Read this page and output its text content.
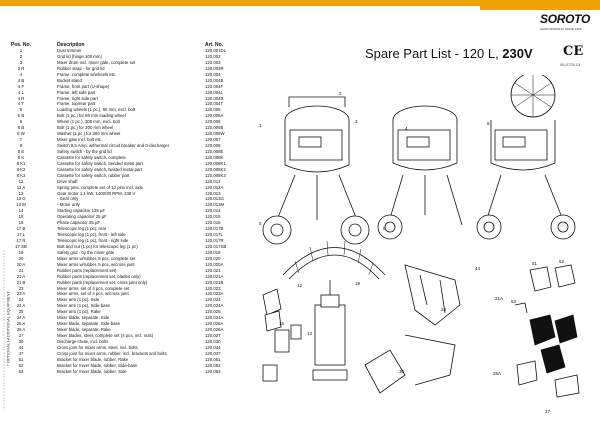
SOROTO
HAND WORKING SINCE 1956
Spare Part List - 120 L, 230V CE
08-0725.13
Pos. No.	Description	Art. No.
1	Dust trimmer	120.001DL
2	Grid lid (hinge 100 mm)	120.002
3	Mixer drum incl. mixer gate, complete set	120.003
3 R	Rubber strap - for grid lid	120.003R
4	Frame, complete w/wheels etc.	120.004
4 B	Bucket stand	120.004B
4 F	Frame, front part (U-shape)	120.004F
4 L	Frame, left side part	120.004L
4 R	Frame, right side part	120.004R
4 T	Frame, top/rear part	120.004T
5	Loading wheels (1 pc.), 80 mm, excl. bolt	120.005
5 B	Bolt (1 pc.) for 80 mm loading wheel	120.005A
6	Wheel (1 pc.), 300 mm, excl. bolt	120.006
6 B	Bolt (1 pc.) for 300 mm wheel	120.006B
6 W	Washer (1 pc.) for 300 mm wheel	120.006W
7	Mixer gate incl. bolt etc.	120.007
8	Switch 9,5 Amp. w/thermal circuit breaker and 0-discharger	120.008
8 E	Safety switch - by the grid lid	120.008E
8 K	Cassette for safety switch, complete	120.008K
8 K1	Cassette for safety switch, bended metal part	120.008K1
8 K2	Cassette for safety switch, twisted metal part	120.008K2
8 K3	Cassette for safety switch, rubber part	120.008K3
12	Drive shaft	120.012
12 A	Spring pins, complete set of 12 pins incl. axle	120.012A
13	Gear motor 1,1 kW, 1400/30 RPM, 230 V	120.013
13 G	- Gear only	120.013G
13 M	- Motor only	120.013M
14	Starting capacitor 125 µF	120.014
15	Operating capacitor 25 µF	120.015
16	Phase capacitor 25 µF	120.016
17 B	Telescopic leg (1 pc), rear	120.017B
17 L	Telescopic leg (1 pc), front - left side	120.017L
17 R	Telescopic leg (1 pc), front - right side	120.017R
17 SB	Bolt and nut (1 pc) for telescopic leg (1 pc)	120.017SB
19	Safety grid - by the mixer gate	120.019
20	Mixer arms w/rubber, 5 pcs, complete set	120.020
20 A	Mixer arms w/rubber, 5 pcs, w/cross joint	120.020A
21	Rubber parts (replacement set)	120.021
21 A	Rubber parts (replacement set, blades only)	120.021A
21 B	Rubber parts (replacement set, cross joint only)	120.021B
23	Mixer arms, set of 4 pcs, complete set	120.023
23 A	Mixer arms, set of 4 pcs, w/cross joint	120.023A
24	Mixer arm (1 pc), Side	120.024
24 A	Mixer arm (1 pc), Side-base	120.024A
25	Mixer arm (1 pc), Rake	120.025
24 A	Mixer blade, separate, Side	120.024A
25 A	Mixer blade, separate, Side-base	120.025A
26 A	Mixer blade, separate, Rake	120.026A
27	Mixer blades, steel, complete set (4 pcs, incl. nuts)	120.027
30	Discharge chute, incl. bolts	120.030
44	Cross joint for mixer arms, steel, incl. bolts	120.044
47	Cross joint for mixer arms, rubber, incl. brackets and bolts	120.047
51	Bracket for mixer blade, rubber, Rake	120.051
52	Bracket for mixer blade, rubber, Side-base	120.052
53	Bracket for mixer blade, rubber, Side	120.053
* OPTIONAL / ADDITIONAL EQUIPMENT
1
2
3
4
8
5
6
12
13
16
19
21A
23
27
30
44
51	52
53
26A
